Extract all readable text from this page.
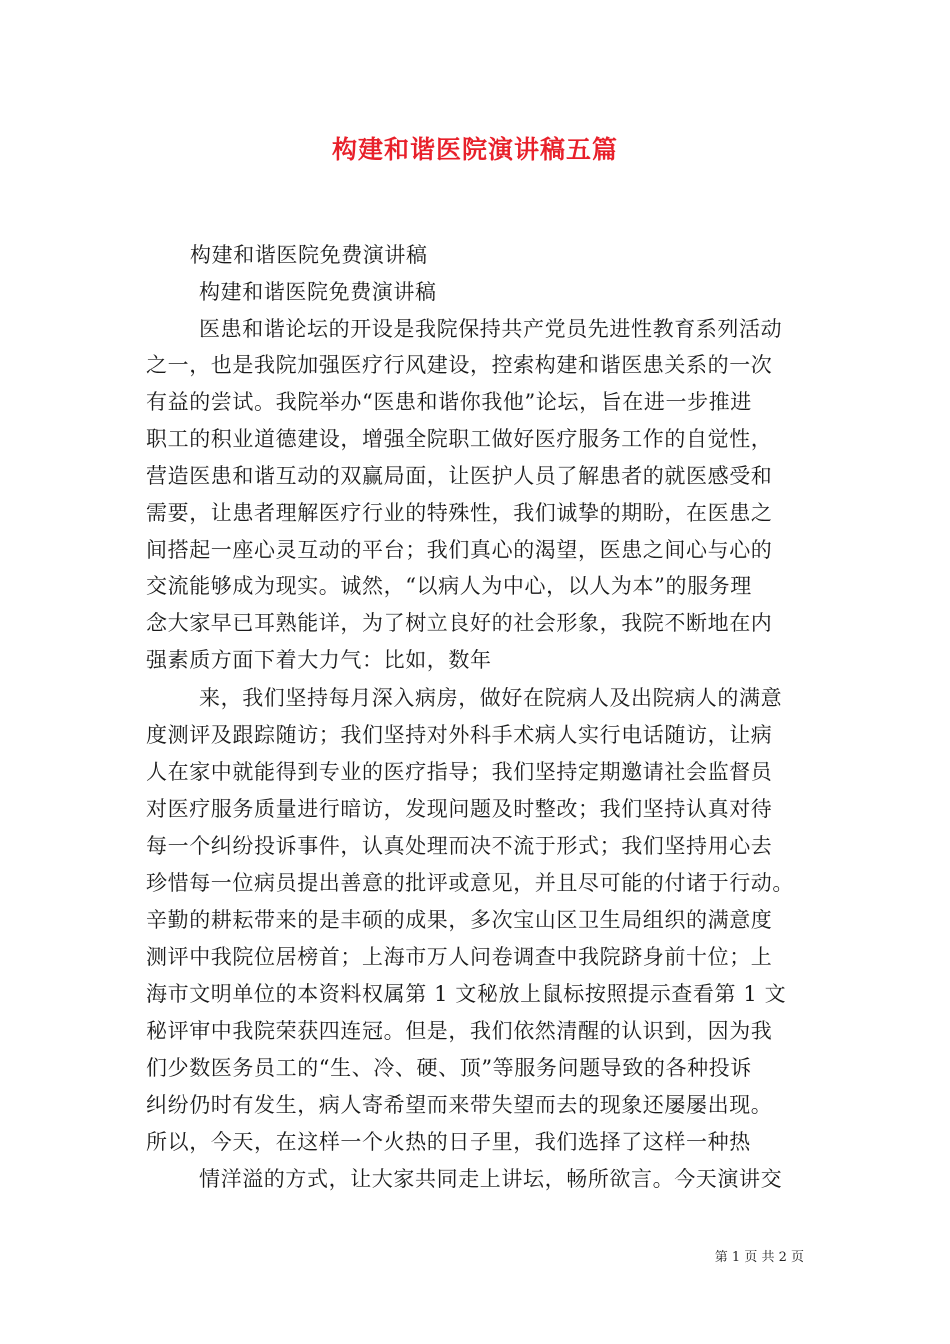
构建和谐医院演讲稿五篇
构建和谐医院免费演讲稿
构建和谐医院免费演讲稿
医患和谐论坛的开设是我院保持共产党员先进性教育系列活动
之一，也是我院加强医疗行风建设，控索构建和谐医患关系的一次
有益的尝试。我院举办“医患和谐你我他”论坛，旨在进一步推进
职工的积业道德建设，增强全院职工做好医疗服务工作的自觉性，
营造医患和谐互动的双赢局面，让医护人员了解患者的就医感受和
需要，让患者理解医疗行业的特殊性，我们诚挚的期盼，在医患之
间搭起一座心灵互动的平台；我们真心的渴望，医患之间心与心的
交流能够成为现实。诚然，“以病人为中心，以人为本”的服务理
念大家早已耳熟能详，为了树立良好的社会形象，我院不断地在内
强素质方面下着大力气：比如，数年
来，我们坚持每月深入病房，做好在院病人及出院病人的满意
度测评及跟踪随访；我们坚持对外科手术病人实行电话随访，让病
人在家中就能得到专业的医疗指导；我们坚持定期邀请社会监督员
对医疗服务质量进行暗访，发现问题及时整改；我们坚持认真对待
每一个纠纷投诉事件，认真处理而决不流于形式；我们坚持用心去
珍惜每一位病员提出善意的批评或意见，并且尽可能的付诸于行动。
辛勤的耕耘带来的是丰硕的成果，多次宝山区卫生局组织的满意度
测评中我院位居榜首；上海市万人问卷调查中我院跻身前十位；上
海市文明单位的本资料权属第 1 文秘放上鼠标按照提示查看第 1 文
秘评审中我院荣获四连冠。但是，我们依然清醒的认识到，因为我
们少数医务员工的“生、冷、硬、顶”等服务问题导致的各种投诉
纠纷仍时有发生，病人寄希望而来带失望而去的现象还屡屡出现。
所以，今天，在这样一个火热的日子里，我们选择了这样一种热
情洋溢的方式，让大家共同走上讲坛，畅所欲言。今天演讲交
第 1 页 共 2 页
